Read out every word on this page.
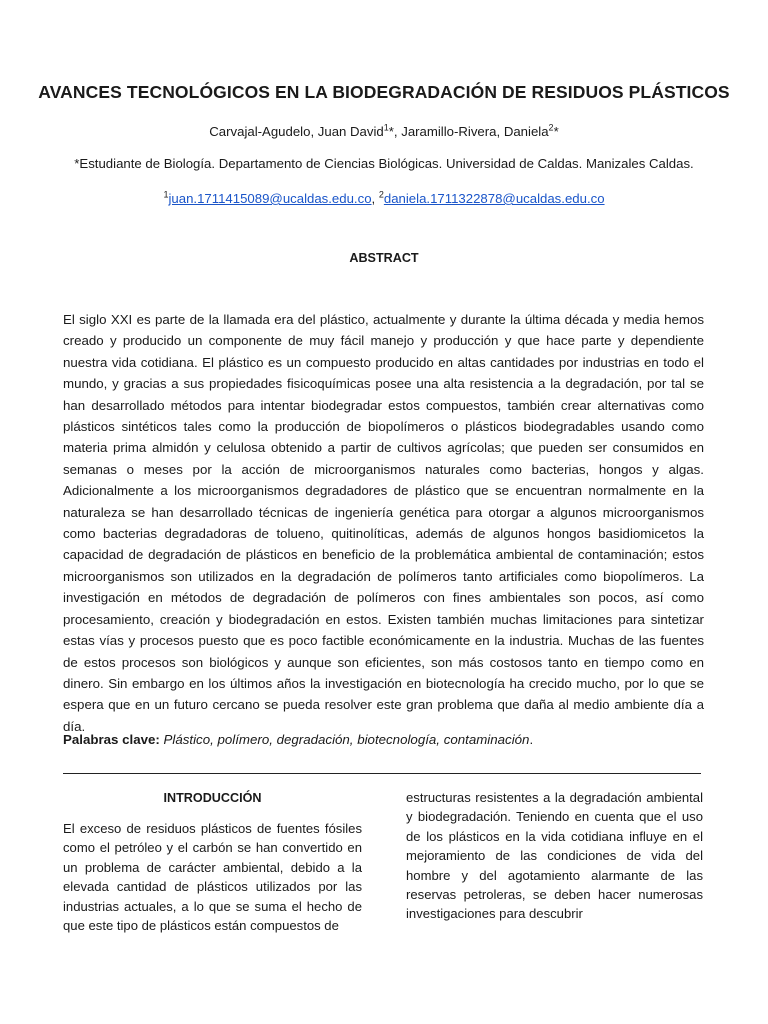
AVANCES TECNOLÓGICOS EN LA BIODEGRADACIÓN DE RESIDUOS PLÁSTICOS
Carvajal-Agudelo, Juan David$^1$*, Jaramillo-Rivera, Daniela$^2$*
*Estudiante de Biología. Departamento de Ciencias Biológicas. Universidad de Caldas. Manizales Caldas.
$^1$juan.1711415089@ucaldas.edu.co, $^2$daniela.1711322878@ucaldas.edu.co
ABSTRACT

El siglo XXI es parte de la llamada era del plástico, actualmente y durante la última década y media hemos creado y producido un componente de muy fácil manejo y producción y que hace parte y dependiente nuestra vida cotidiana. El plástico es un compuesto producido en altas cantidades por industrias en todo el mundo, y gracias a sus propiedades fisicoquímicas posee una alta resistencia a la degradación, por tal se han desarrollado métodos para intentar biodegradar estos compuestos, también crear alternativas como plásticos sintéticos tales como la producción de biopolímeros o plásticos biodegradables usando como materia prima almidón y celulosa obtenido a partir de cultivos agrícolas; que pueden ser consumidos en semanas o meses por la acción de microorganismos naturales como bacterias, hongos y algas. Adicionalmente a los microorganismos degradadores de plástico que se encuentran normalmente en la naturaleza se han desarrollado técnicas de ingeniería genética para otorgar a algunos microorganismos como bacterias degradadoras de tolueno, quitinolíticas, además de algunos hongos basidiomicetos la capacidad de degradación de plásticos en beneficio de la problemática ambiental de contaminación; estos microorganismos son utilizados en la degradación de polímeros tanto artificiales como biopolímeros. La investigación en métodos de degradación de polímeros con fines ambientales son pocos, así como procesamiento, creación y biodegradación en estos. Existen también muchas limitaciones para sintetizar estas vías y procesos puesto que es poco factible económicamente en la industria. Muchas de las fuentes de estos procesos son biológicos y aunque son eficientes, son más costosos tanto en tiempo como en dinero. Sin embargo en los últimos años la investigación en biotecnología ha crecido mucho, por lo que se espera que en un futuro cercano se pueda resolver este gran problema que daña al medio ambiente día a día.

Palabras clave: Plástico, polímero, degradación, biotecnología, contaminación.
INTRODUCCIÓN

El exceso de residuos plásticos de fuentes fósiles como el petróleo y el carbón se han convertido en un problema de carácter ambiental, debido a la elevada cantidad de plásticos utilizados por las industrias actuales, a lo que se suma el hecho de que este tipo de plásticos están compuestos de

estructuras resistentes a la degradación ambiental y biodegradación. Teniendo en cuenta que el uso de los plásticos en la vida cotidiana influye en el mejoramiento de las condiciones de vida del hombre y del agotamiento alarmante de las reservas petroleras, se deben hacer numerosas investigaciones para descubrir
